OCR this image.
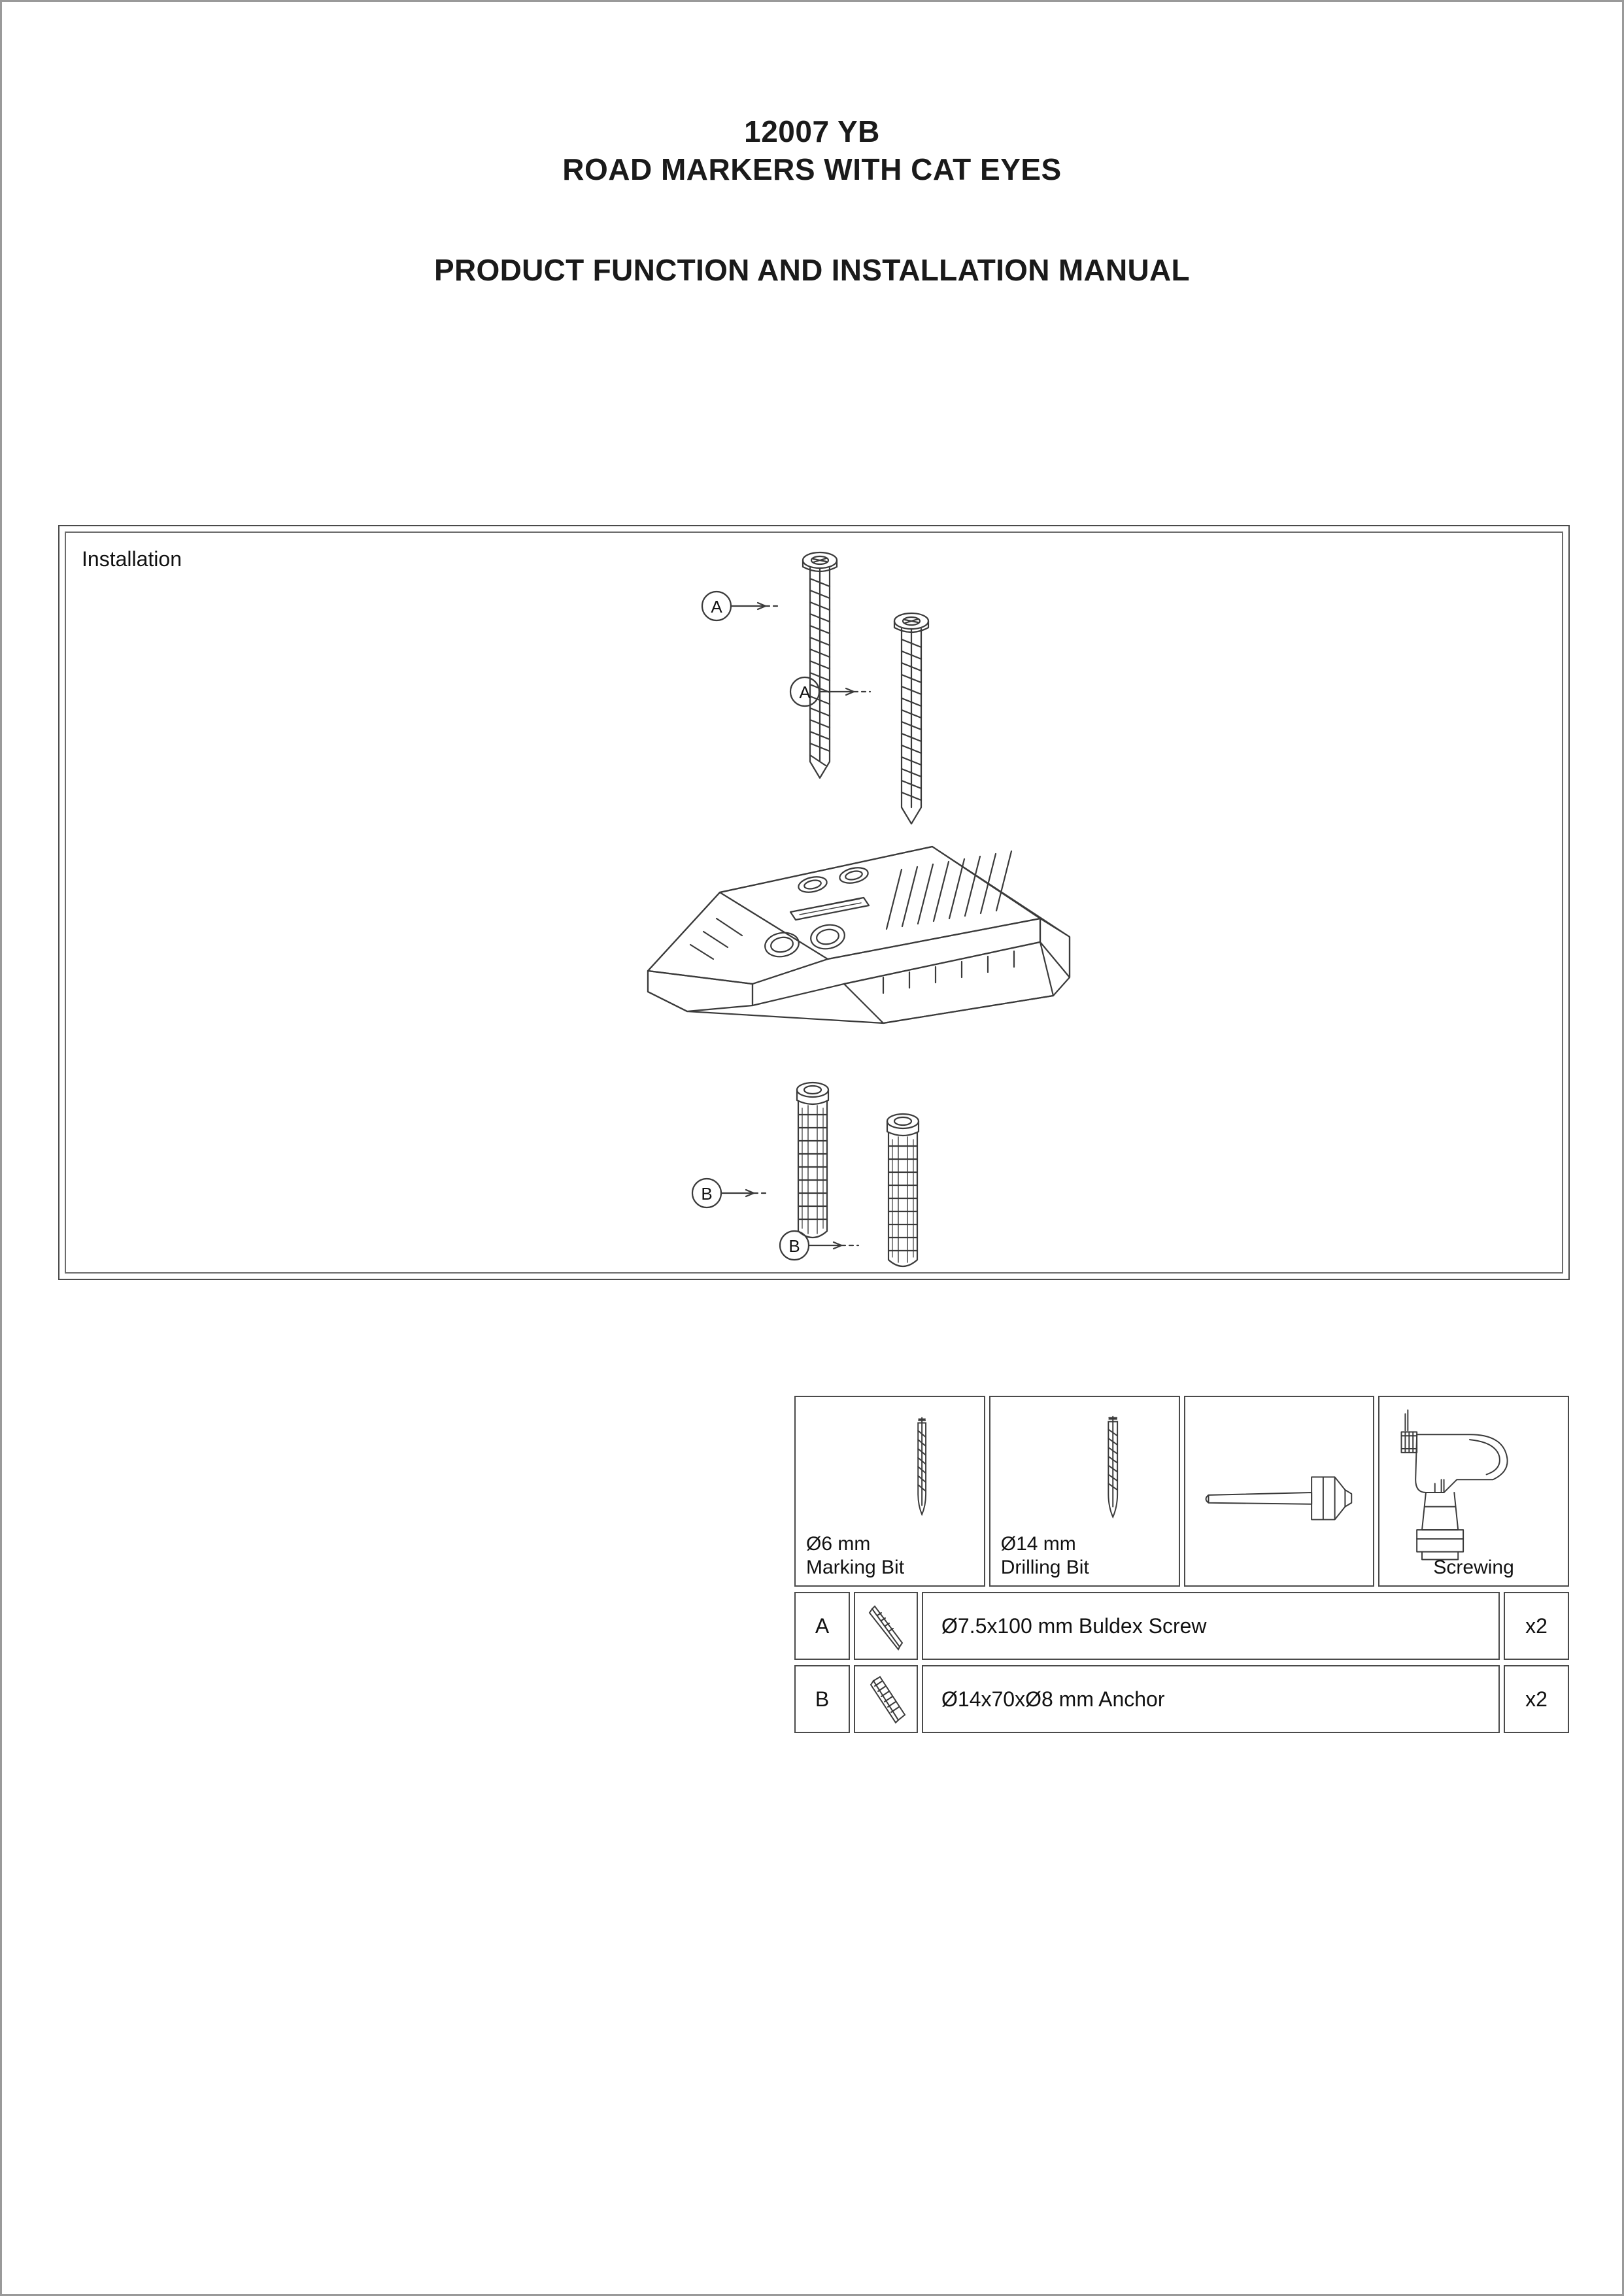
12007 YB
ROAD MARKERS WITH CAT EYES
PRODUCT FUNCTION AND INSTALLATION MANUAL
Installation
A
A
B
B
Ø6 mm
Marking Bit
Ø14 mm
Drilling Bit	Screwing
A	Ø7.5x100 mm Buldex Screw	x2
B	Ø14x70xØ8 mm Anchor	x2
